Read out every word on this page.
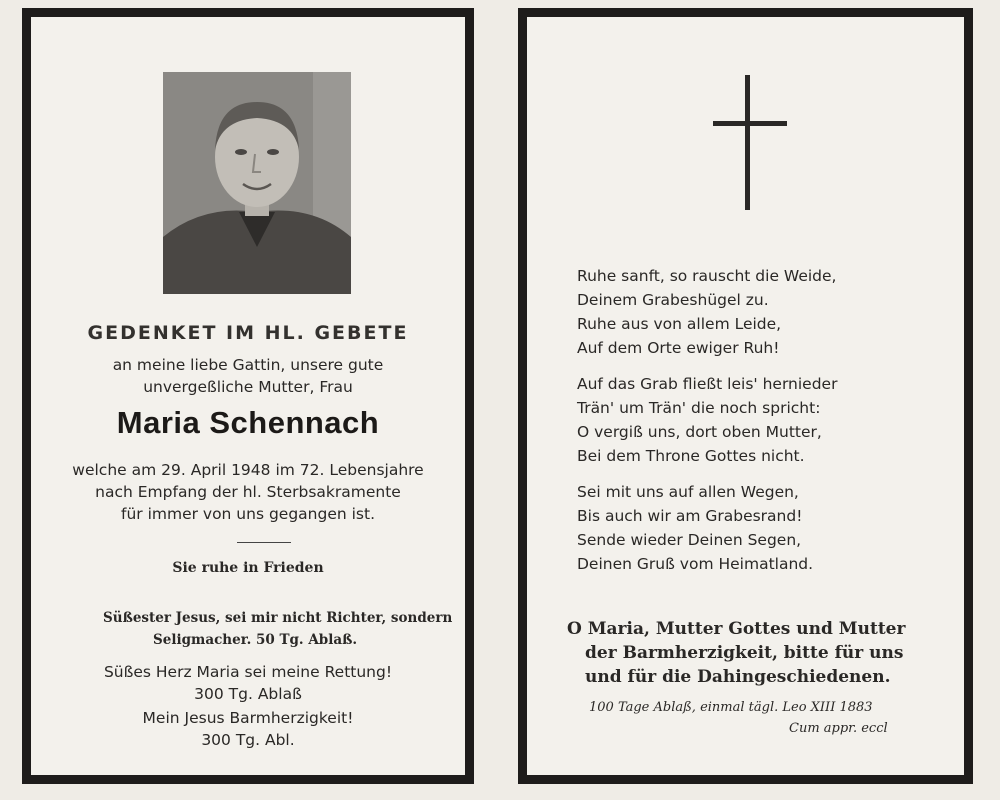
GEDENKET IM HL. GEBETE
an meine liebe Gattin, unsere gute
unvergeßliche Mutter, Frau
Maria Schennach
welche am 29. April 1948 im 72. Lebensjahre
nach Empfang der hl. Sterbsakramente
für immer von uns gegangen ist.
Sie ruhe in Frieden
Süßester Jesus, sei mir nicht Richter, sondern
Seligmacher. 50 Tg. Ablaß.
Süßes Herz Maria sei meine Rettung!
300 Tg. Ablaß
Mein Jesus Barmherzigkeit!
300 Tg. Abl.
Ruhe sanft, so rauscht die Weide,
Deinem Grabeshügel zu.
Ruhe aus von allem Leide,
Auf dem Orte ewiger Ruh!
Auf das Grab fließt leis' hernieder
Trän' um Trän' die noch spricht:
O vergiß uns, dort oben Mutter,
Bei dem Throne Gottes nicht.
Sei mit uns auf allen Wegen,
Bis auch wir am Grabesrand!
Sende wieder Deinen Segen,
Deinen Gruß vom Heimatland.
O Maria, Mutter Gottes und Mutter
der Barmherzigkeit, bitte für uns
und für die Dahingeschiedenen.
100 Tage Ablaß, einmal tägl. Leo XIII 1883
Cum appr. eccl
